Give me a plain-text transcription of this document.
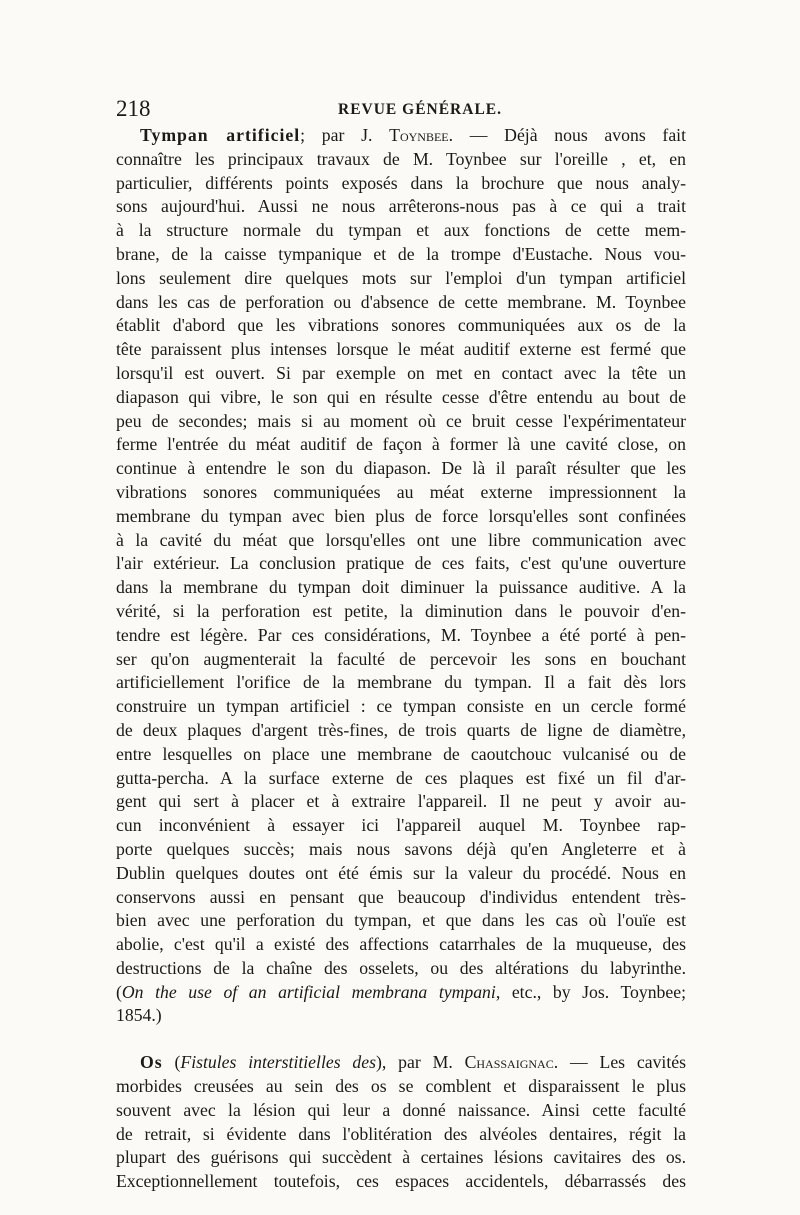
218	REVUE GÉNÉRALE.
Tympan artificiel; par J. Toynbee. — Déjà nous avons fait
connaître les principaux travaux de M. Toynbee sur l'oreille , et, en
particulier, différents points exposés dans la brochure que nous analy-
sons aujourd'hui. Aussi ne nous arrêterons-nous pas à ce qui a trait
à la structure normale du tympan et aux fonctions de cette mem-
brane, de la caisse tympanique et de la trompe d'Eustache. Nous vou-
lons seulement dire quelques mots sur l'emploi d'un tympan artificiel
dans les cas de perforation ou d'absence de cette membrane. M. Toynbee
établit d'abord que les vibrations sonores communiquées aux os de la
tête paraissent plus intenses lorsque le méat auditif externe est fermé que
lorsqu'il est ouvert. Si par exemple on met en contact avec la tête un
diapason qui vibre, le son qui en résulte cesse d'être entendu au bout de
peu de secondes; mais si au moment où ce bruit cesse l'expérimentateur
ferme l'entrée du méat auditif de façon à former là une cavité close, on
continue à entendre le son du diapason. De là il paraît résulter que les
vibrations sonores communiquées au méat externe impressionnent la
membrane du tympan avec bien plus de force lorsqu'elles sont confinées
à la cavité du méat que lorsqu'elles ont une libre communication avec
l'air extérieur. La conclusion pratique de ces faits, c'est qu'une ouverture
dans la membrane du tympan doit diminuer la puissance auditive. A la
vérité, si la perforation est petite, la diminution dans le pouvoir d'en-
tendre est légère. Par ces considérations, M. Toynbee a été porté à pen-
ser qu'on augmenterait la faculté de percevoir les sons en bouchant
artificiellement l'orifice de la membrane du tympan. Il a fait dès lors
construire un tympan artificiel : ce tympan consiste en un cercle formé
de deux plaques d'argent très-fines, de trois quarts de ligne de diamètre,
entre lesquelles on place une membrane de caoutchouc vulcanisé ou de
gutta-percha. A la surface externe de ces plaques est fixé un fil d'ar-
gent qui sert à placer et à extraire l'appareil. Il ne peut y avoir au-
cun inconvénient à essayer ici l'appareil auquel M. Toynbee rap-
porte quelques succès; mais nous savons déjà qu'en Angleterre et à
Dublin quelques doutes ont été émis sur la valeur du procédé. Nous en
conservons aussi en pensant que beaucoup d'individus entendent très-
bien avec une perforation du tympan, et que dans les cas où l'ouïe est
abolie, c'est qu'il a existé des affections catarrhales de la muqueuse, des
destructions de la chaîne des osselets, ou des altérations du labyrinthe.
(On the use of an artificial membrana tympani, etc., by Jos. Toynbee;
1854.)
Os (Fistules interstitielles des), par M. Chassaignac. — Les cavités
morbides creusées au sein des os se comblent et disparaissent le plus
souvent avec la lésion qui leur a donné naissance. Ainsi cette faculté
de retrait, si évidente dans l'oblitération des alvéoles dentaires, régit la
plupart des guérisons qui succèdent à certaines lésions cavitaires des os.
Exceptionnellement toutefois, ces espaces accidentels, débarrassés des
